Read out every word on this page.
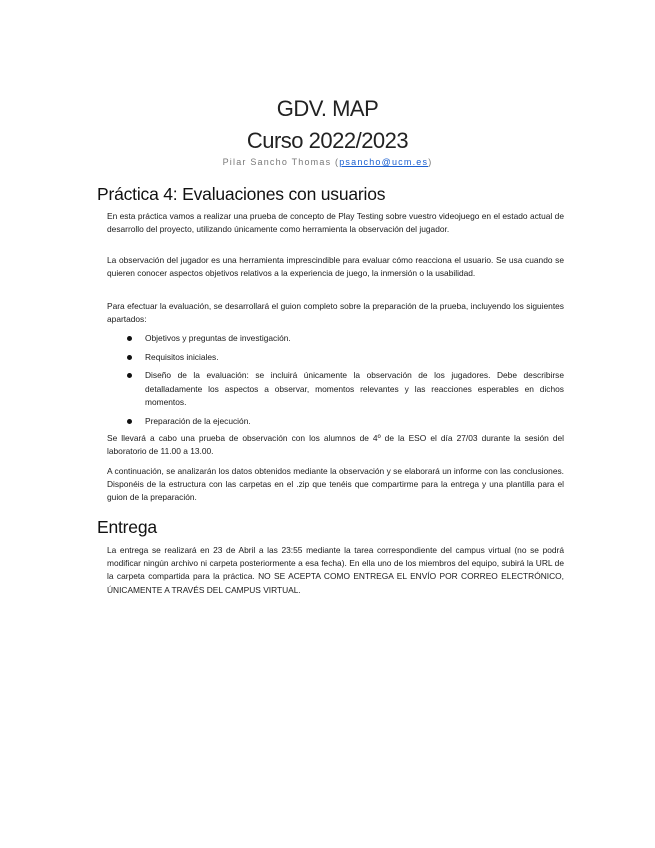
GDV. MAP
Curso 2022/2023
Pilar Sancho Thomas (psancho@ucm.es)
Práctica 4: Evaluaciones con usuarios

En esta práctica vamos a realizar una prueba de concepto de Play Testing sobre vuestro videojuego en el estado actual de desarrollo del proyecto, utilizando únicamente como herramienta la observación del jugador.

La observación del jugador es una herramienta imprescindible para evaluar cómo reacciona el usuario. Se usa cuando se quieren conocer aspectos objetivos relativos a la experiencia de juego, la inmersión o la usabilidad.

Para efectuar la evaluación, se desarrollará el guion completo sobre la preparación de la prueba, incluyendo los siguientes apartados:

Objetivos y preguntas de investigación.
Requisitos iniciales.
Diseño de la evaluación: se incluirá únicamente la observación de los jugadores. Debe describirse detalladamente los aspectos a observar, momentos relevantes y las reacciones esperables en dichos momentos.
Preparación de la ejecución.

Se llevará a cabo una prueba de observación con los alumnos de 4º de la ESO el día 27/03 durante la sesión del laboratorio de 11.00 a 13.00.

A continuación, se analizarán los datos obtenidos mediante la observación y se elaborará un informe con las conclusiones. Disponéis de la estructura con las carpetas en el .zip que tenéis que compartirme para la entrega y una plantilla para el guion de la preparación.

Entrega

La entrega se realizará en 23 de Abril a las 23:55 mediante la tarea correspondiente del campus virtual (no se podrá modificar ningún archivo ni carpeta posteriormente a esa fecha). En ella uno de los miembros del equipo, subirá la URL de la carpeta compartida para la práctica. NO SE ACEPTA COMO ENTREGA EL ENVÍO POR CORREO ELECTRÓNICO, ÚNICAMENTE A TRAVÉS DEL CAMPUS VIRTUAL.
